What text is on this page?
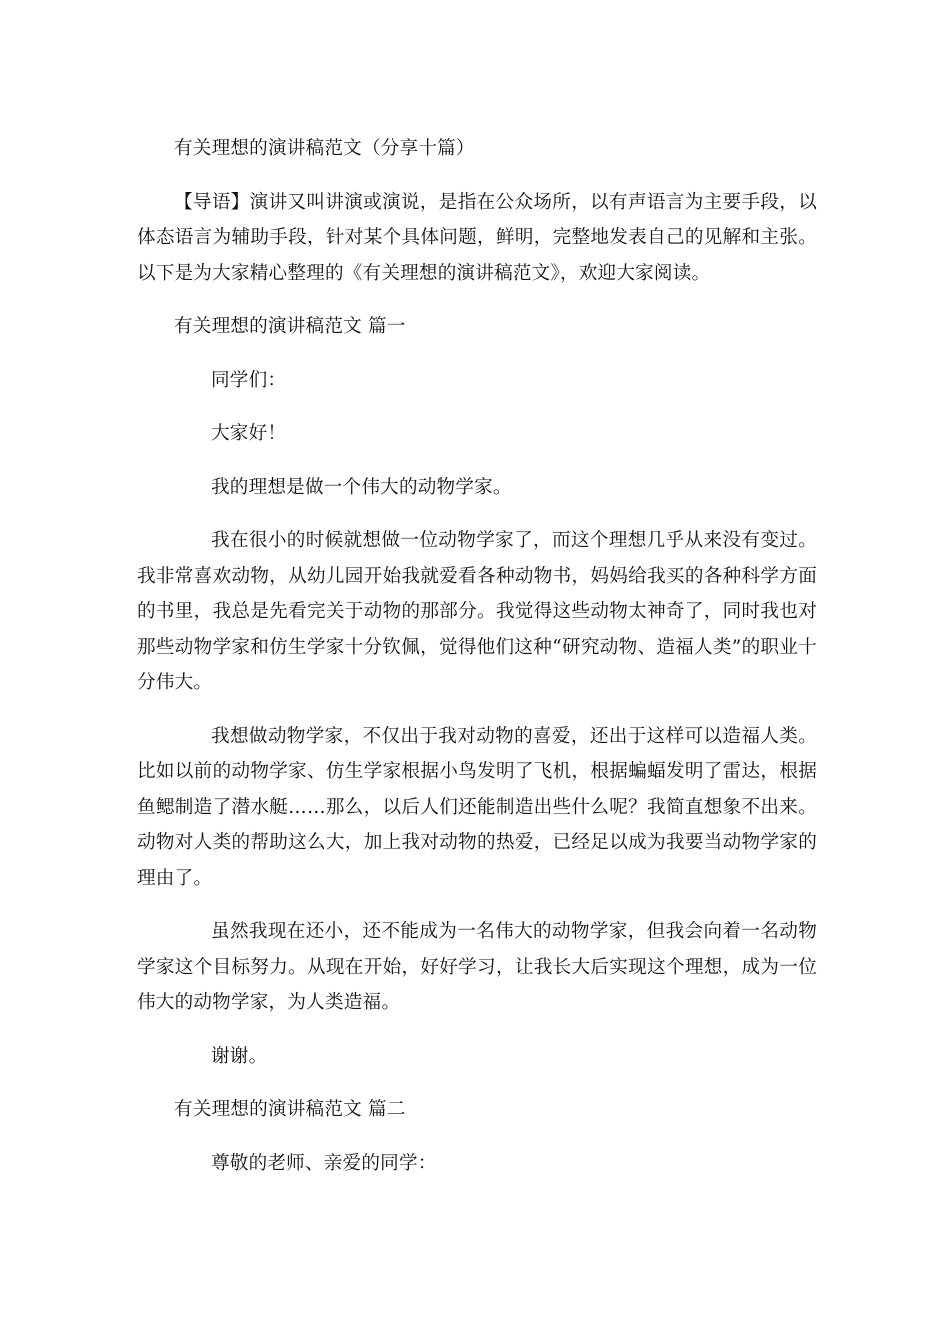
有关理想的演讲稿范文（分享十篇）

【导语】演讲又叫讲演或演说，是指在公众场所，以有声语言为主要手段，以体态语言为辅助手段，针对某个具体问题，鲜明，完整地发表自己的见解和主张。以下是为大家精心整理的《有关理想的演讲稿范文》，欢迎大家阅读。

有关理想的演讲稿范文 篇一

同学们：

大家好！

我的理想是做一个伟大的动物学家。

我在很小的时候就想做一位动物学家了，而这个理想几乎从来没有变过。我非常喜欢动物，从幼儿园开始我就爱看各种动物书，妈妈给我买的各种科学方面的书里，我总是先看完关于动物的那部分。我觉得这些动物太神奇了，同时我也对那些动物学家和仿生学家十分钦佩，觉得他们这种“研究动物、造福人类”的职业十分伟大。

我想做动物学家，不仅出于我对动物的喜爱，还出于这样可以造福人类。比如以前的动物学家、仿生学家根据小鸟发明了飞机，根据蝙蝠发明了雷达，根据鱼鳃制造了潜水艇……那么，以后人们还能制造出些什么呢？我简直想象不出来。动物对人类的帮助这么大，加上我对动物的热爱，已经足以成为我要当动物学家的理由了。

虽然我现在还小，还不能成为一名伟大的动物学家，但我会向着一名动物学家这个目标努力。从现在开始，好好学习，让我长大后实现这个理想，成为一位伟大的动物学家，为人类造福。

谢谢。

有关理想的演讲稿范文 篇二

尊敬的老师、亲爱的同学：
